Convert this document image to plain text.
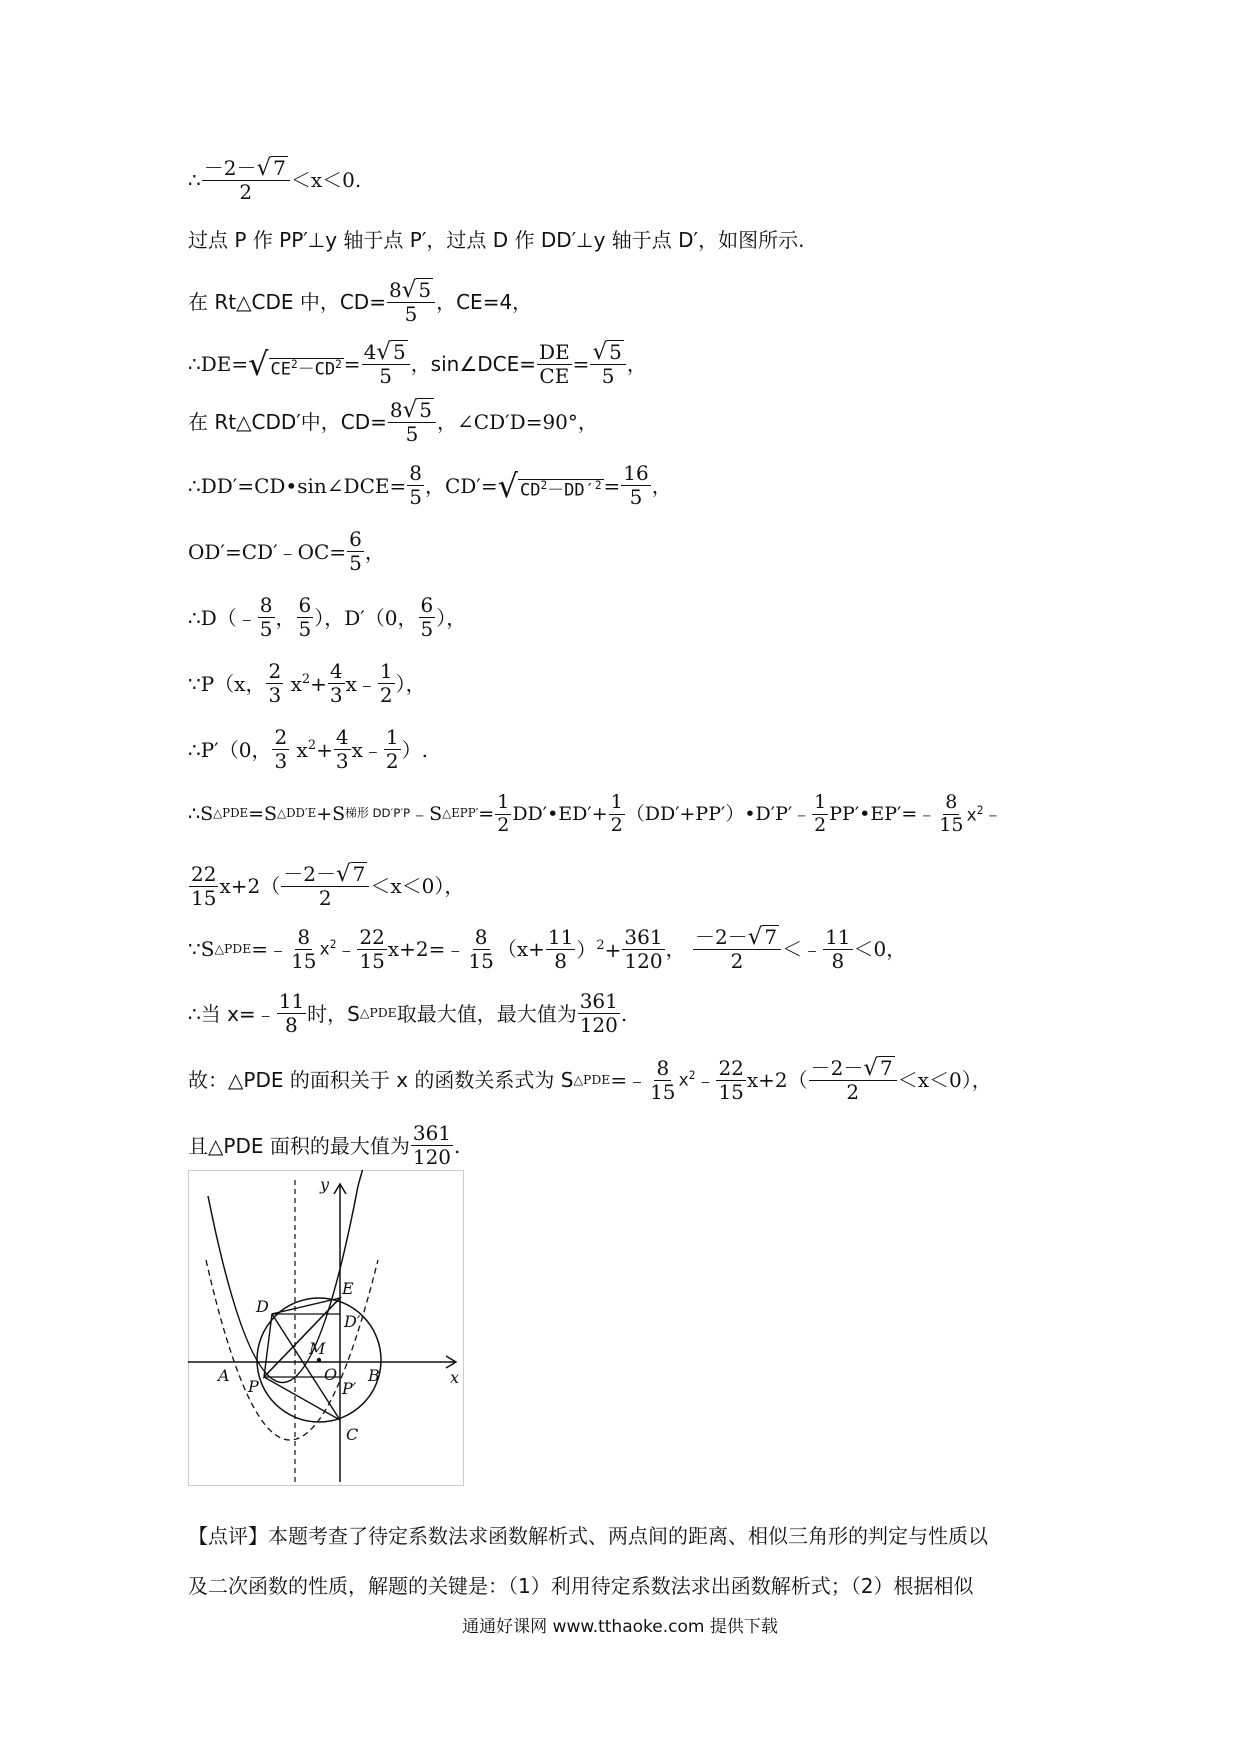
∴ $\frac{-2- √ 7}{2} <x<0$.
过点 P 作 PP′⊥y 轴于点 P′，过点 D 作 DD′⊥y 轴于点 D′，如图所示.
在 Rt△CDE 中，$CD= \frac{8 √ 5}{5}$ ，CE=4，
∴DE= √ $CE^2-CD^2 = \frac{4 √ 5}{5}$ ，sin∠DCE= $\frac{DE}{CE} = \frac{√ 5}{5}$ ，
在 Rt△CDD′中，$CD= \frac{8 √ 5}{5}$ ，∠CD′D=90°，
∴DD′=CD•sin∠DCE= $\frac{8}{5}$ ，CD′= √ $CD^2-DD'^2 = \frac{16}{5}$ ，
OD′=CD′﹣OC= $\frac{6}{5}$ ，
∴D（﹣ $\frac{8}{5}$ ， $\frac{6}{5}$ ），D′（0， $\frac{6}{5}$ ），
∵P（x， $\frac{2}{3} x^2+ \frac{4}{3}$ x﹣ $\frac{1}{2}$ ），
∴P′（0， $\frac{2}{3} x^2+ \frac{4}{3}$ x﹣ $\frac{1}{2}$ ）.
∴S △PDE =S △DD′E +S 梯形 DD′P′P ﹣S △EPP′ = $\frac{1}{2}$ DD′•ED′+ $\frac{1}{2}$ （DD′+PP′）•D′P′﹣ $\frac{1}{2}$ PP′•EP′=﹣ $\frac{8}{15} x^2$ ﹣
$\frac{22}{15} x+2( \frac{-2- √ 7}{2} <x<0)$，
∵S △PDE =﹣ $\frac{8}{15} x^2$ ﹣ $\frac{22}{15}$ x+2=﹣ $\frac{8}{15} (x+ \frac{11}{8} )^2+ \frac{361}{120}$ ，
$\frac{-2- √ 7}{2}$ ＜﹣ $\frac{11}{8} <0$，
∴当 x=﹣ $\frac{11}{8}$ 时，S △PDE 取最大值，最大值为 $\frac{361}{120}$ .
故：△PDE 的面积关于 x 的函数关系式为 S △PDE =﹣ $\frac{8}{15} x^2$ ﹣ $\frac{22}{15} x+2( \frac{-2- √ 7}{2} <x<0)$，
且△PDE 面积的最大值为 $\frac{361}{120}$ .
y
x
E
D
D′
M
O
A	B
P	P′
C
【点评】本题考查了待定系数法求函数解析式、两点间的距离、相似三角形的判定与性质以
及二次函数的性质，解题的关键是：（1）利用待定系数法求出函数解析式；（2）根据相似
通通好课网 www.tthaoke.com 提供下载
